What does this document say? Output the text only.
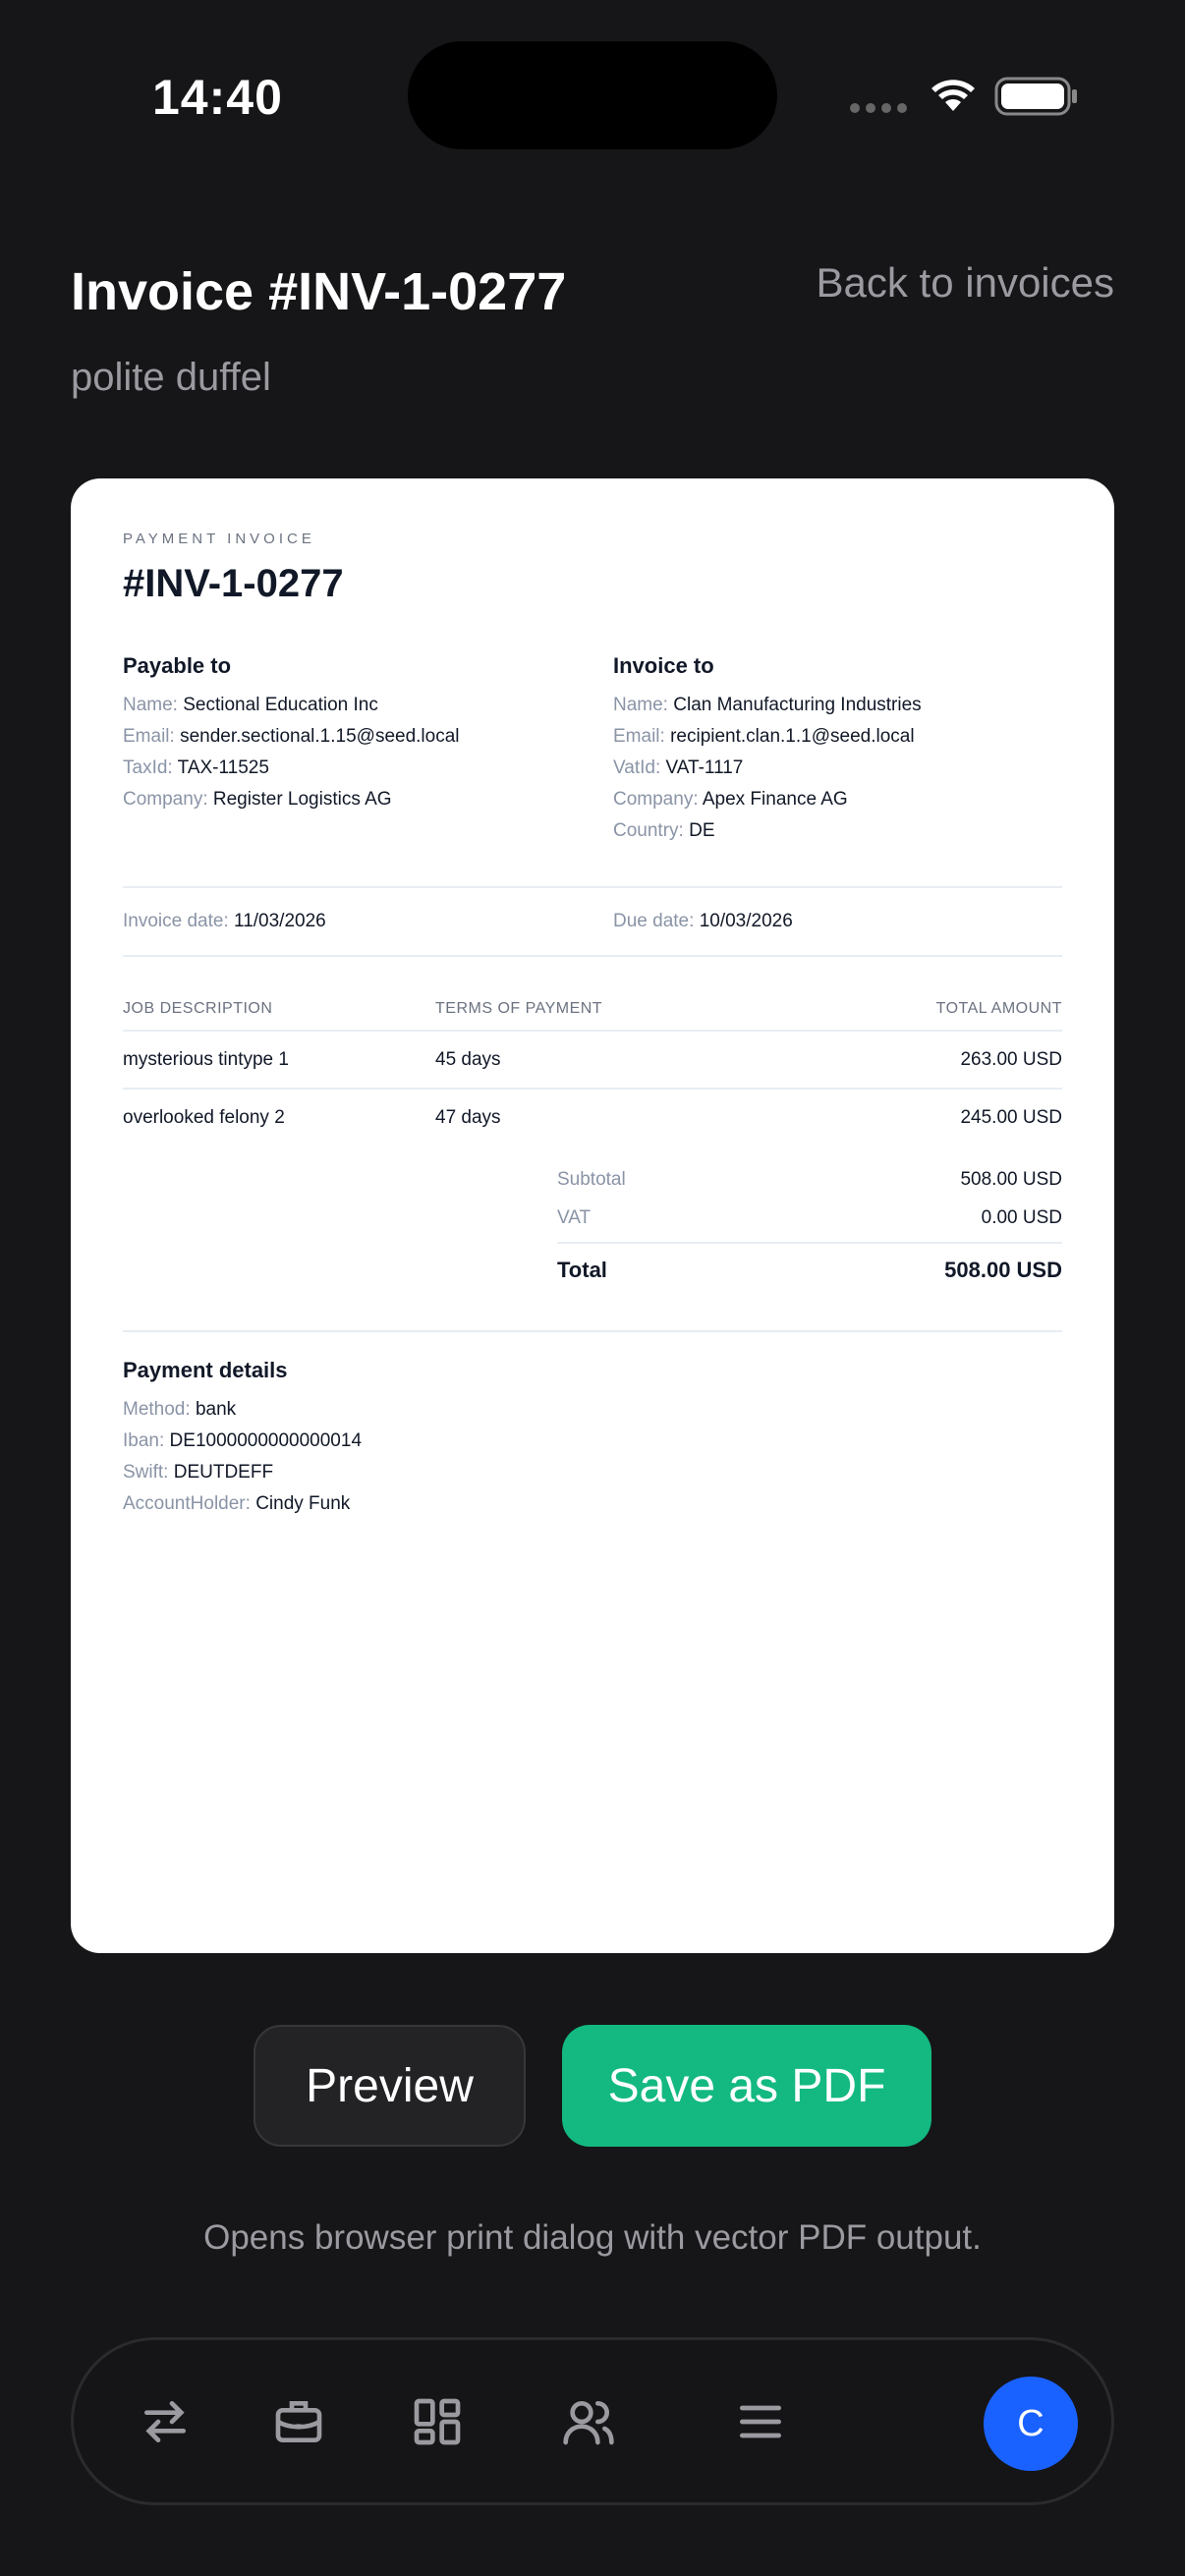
14:40
Invoice #INV-1-0277	Back to invoices
polite duffel
PAYMENT INVOICE
#INV-1-0277
Payable to
Name: Sectional Education Inc
Email: sender.sectional.1.15@seed.local
TaxId: TAX-11525
Company: Register Logistics AG
Invoice to
Name: Clan Manufacturing Industries
Email: recipient.clan.1.1@seed.local
VatId: VAT-1117
Company: Apex Finance AG
Country: DE
Invoice date: 11/03/2026	Due date: 10/03/2026
JOB DESCRIPTION	TERMS OF PAYMENT	TOTAL AMOUNT
mysterious tintype 1	45 days	263.00 USD
overlooked felony 2	47 days	245.00 USD
Subtotal	508.00 USD
VAT	0.00 USD
Total	508.00 USD
Payment details
Method: bank
Iban: DE1000000000000014
Swift: DEUTDEFF
AccountHolder: Cindy Funk
Preview	Save as PDF
Opens browser print dialog with vector PDF output.
C
